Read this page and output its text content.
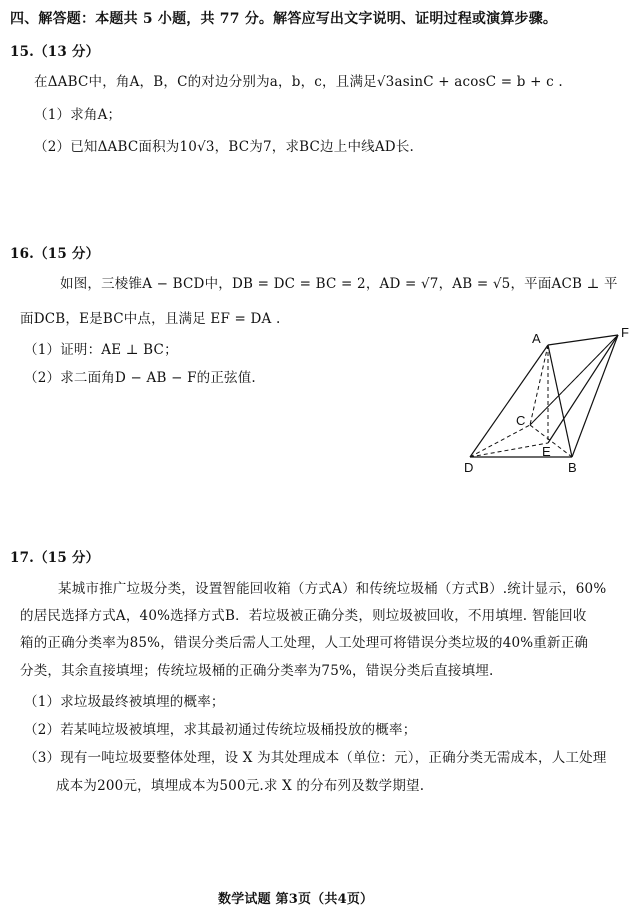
四、解答题：本题共 5 小题，共 77 分。解答应写出文字说明、证明过程或演算步骤。
15.（13 分）
在ΔABC中，角A，B，C的对边分别为a，b，c，且满足√3asinC + acosC = b + c .
（1）求角A；
（2）已知ΔABC面积为10√3，BC为7，求BC边上中线AD长.
16.（15 分）
如图，三棱锥A − BCD中，DB = DC = BC = 2，AD = √7，AB = √5，平面ACB ⊥ 平
面DCB，E是BC中点，且满足 EF = DA .
（1）证明：AE ⊥ BC；
（2）求二面角D − AB − F的正弦值.
A	F
C
E
D	B
17.（15 分）
某城市推广垃圾分类，设置智能回收箱（方式A）和传统垃圾桶（方式B）.统计显示，60%
的居民选择方式A，40%选择方式B．若垃圾被正确分类，则垃圾被回收，不用填埋. 智能回收
箱的正确分类率为85%，错误分类后需人工处理，人工处理可将错误分类垃圾的40%重新正确
分类，其余直接填埋；传统垃圾桶的正确分类率为75%，错误分类后直接填埋.
（1）求垃圾最终被填埋的概率；
（2）若某吨垃圾被填埋，求其最初通过传统垃圾桶投放的概率；
（3）现有一吨垃圾要整体处理，设 X 为其处理成本（单位：元），正确分类无需成本，人工处理
成本为200元，填埋成本为500元.求 X 的分布列及数学期望.
数学试题 第3页（共4页）
